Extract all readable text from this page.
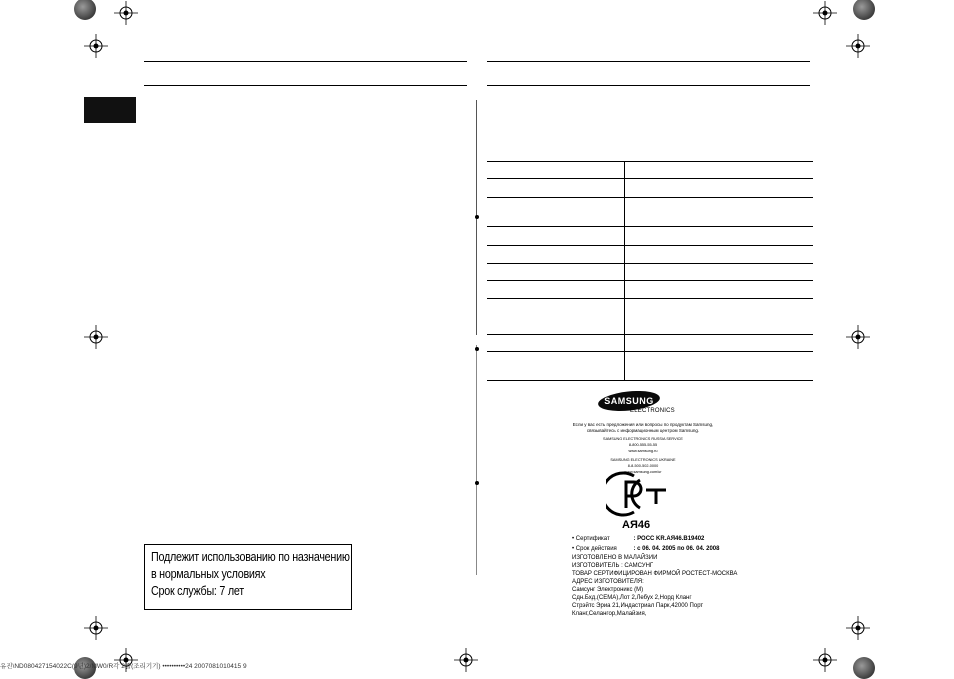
SAMSUNG
ELECTRONICS
Если у вас есть предложения или вопросы по продуктам Samsung,
связывайтесь с информационным центром Samsung.
SAMSUNG ELECTRONICS RUSSIA SERVICE
8-800-555-55-55
www.samsung.ru
SAMSUNG ELECTRONICS UKRAINE
8-8-500-502-0000
www.samsung.com/ur
АЯ46
• Сертификат	: РОСС KR.АЯ46.B19402
• Срок действия	: с 06. 04. 2005 по 06. 04. 2008
ИЗГОТОВЛЕНО В МАЛАЙЗИИ
ИЗГОТОВИТЕЛЬ : САМСУНГ
ТОВАР СЕРТИФИЦИРОВАН ФИРМОЙ РОСТЕСТ-МОСКВА
АДРЕС ИЗГОТОВИТЕЛЯ:
Самсунг Электроникс (М)
Сдн.Бхд.(СЕМА),Лот 2,Лебух 2,Норд Кланг
Стрэйтс Эриа 21,Индастриал Парк,42000 Порт
Кланг,Селангор,Малайзия,
Подлежит использованию по назначению
в нормальных условиях
Срок службы: 7 лет
유진\ND080427154022C(9년)2/MW0/R각 2줄(조리기기) ••••••••••24 2007081010415 9
